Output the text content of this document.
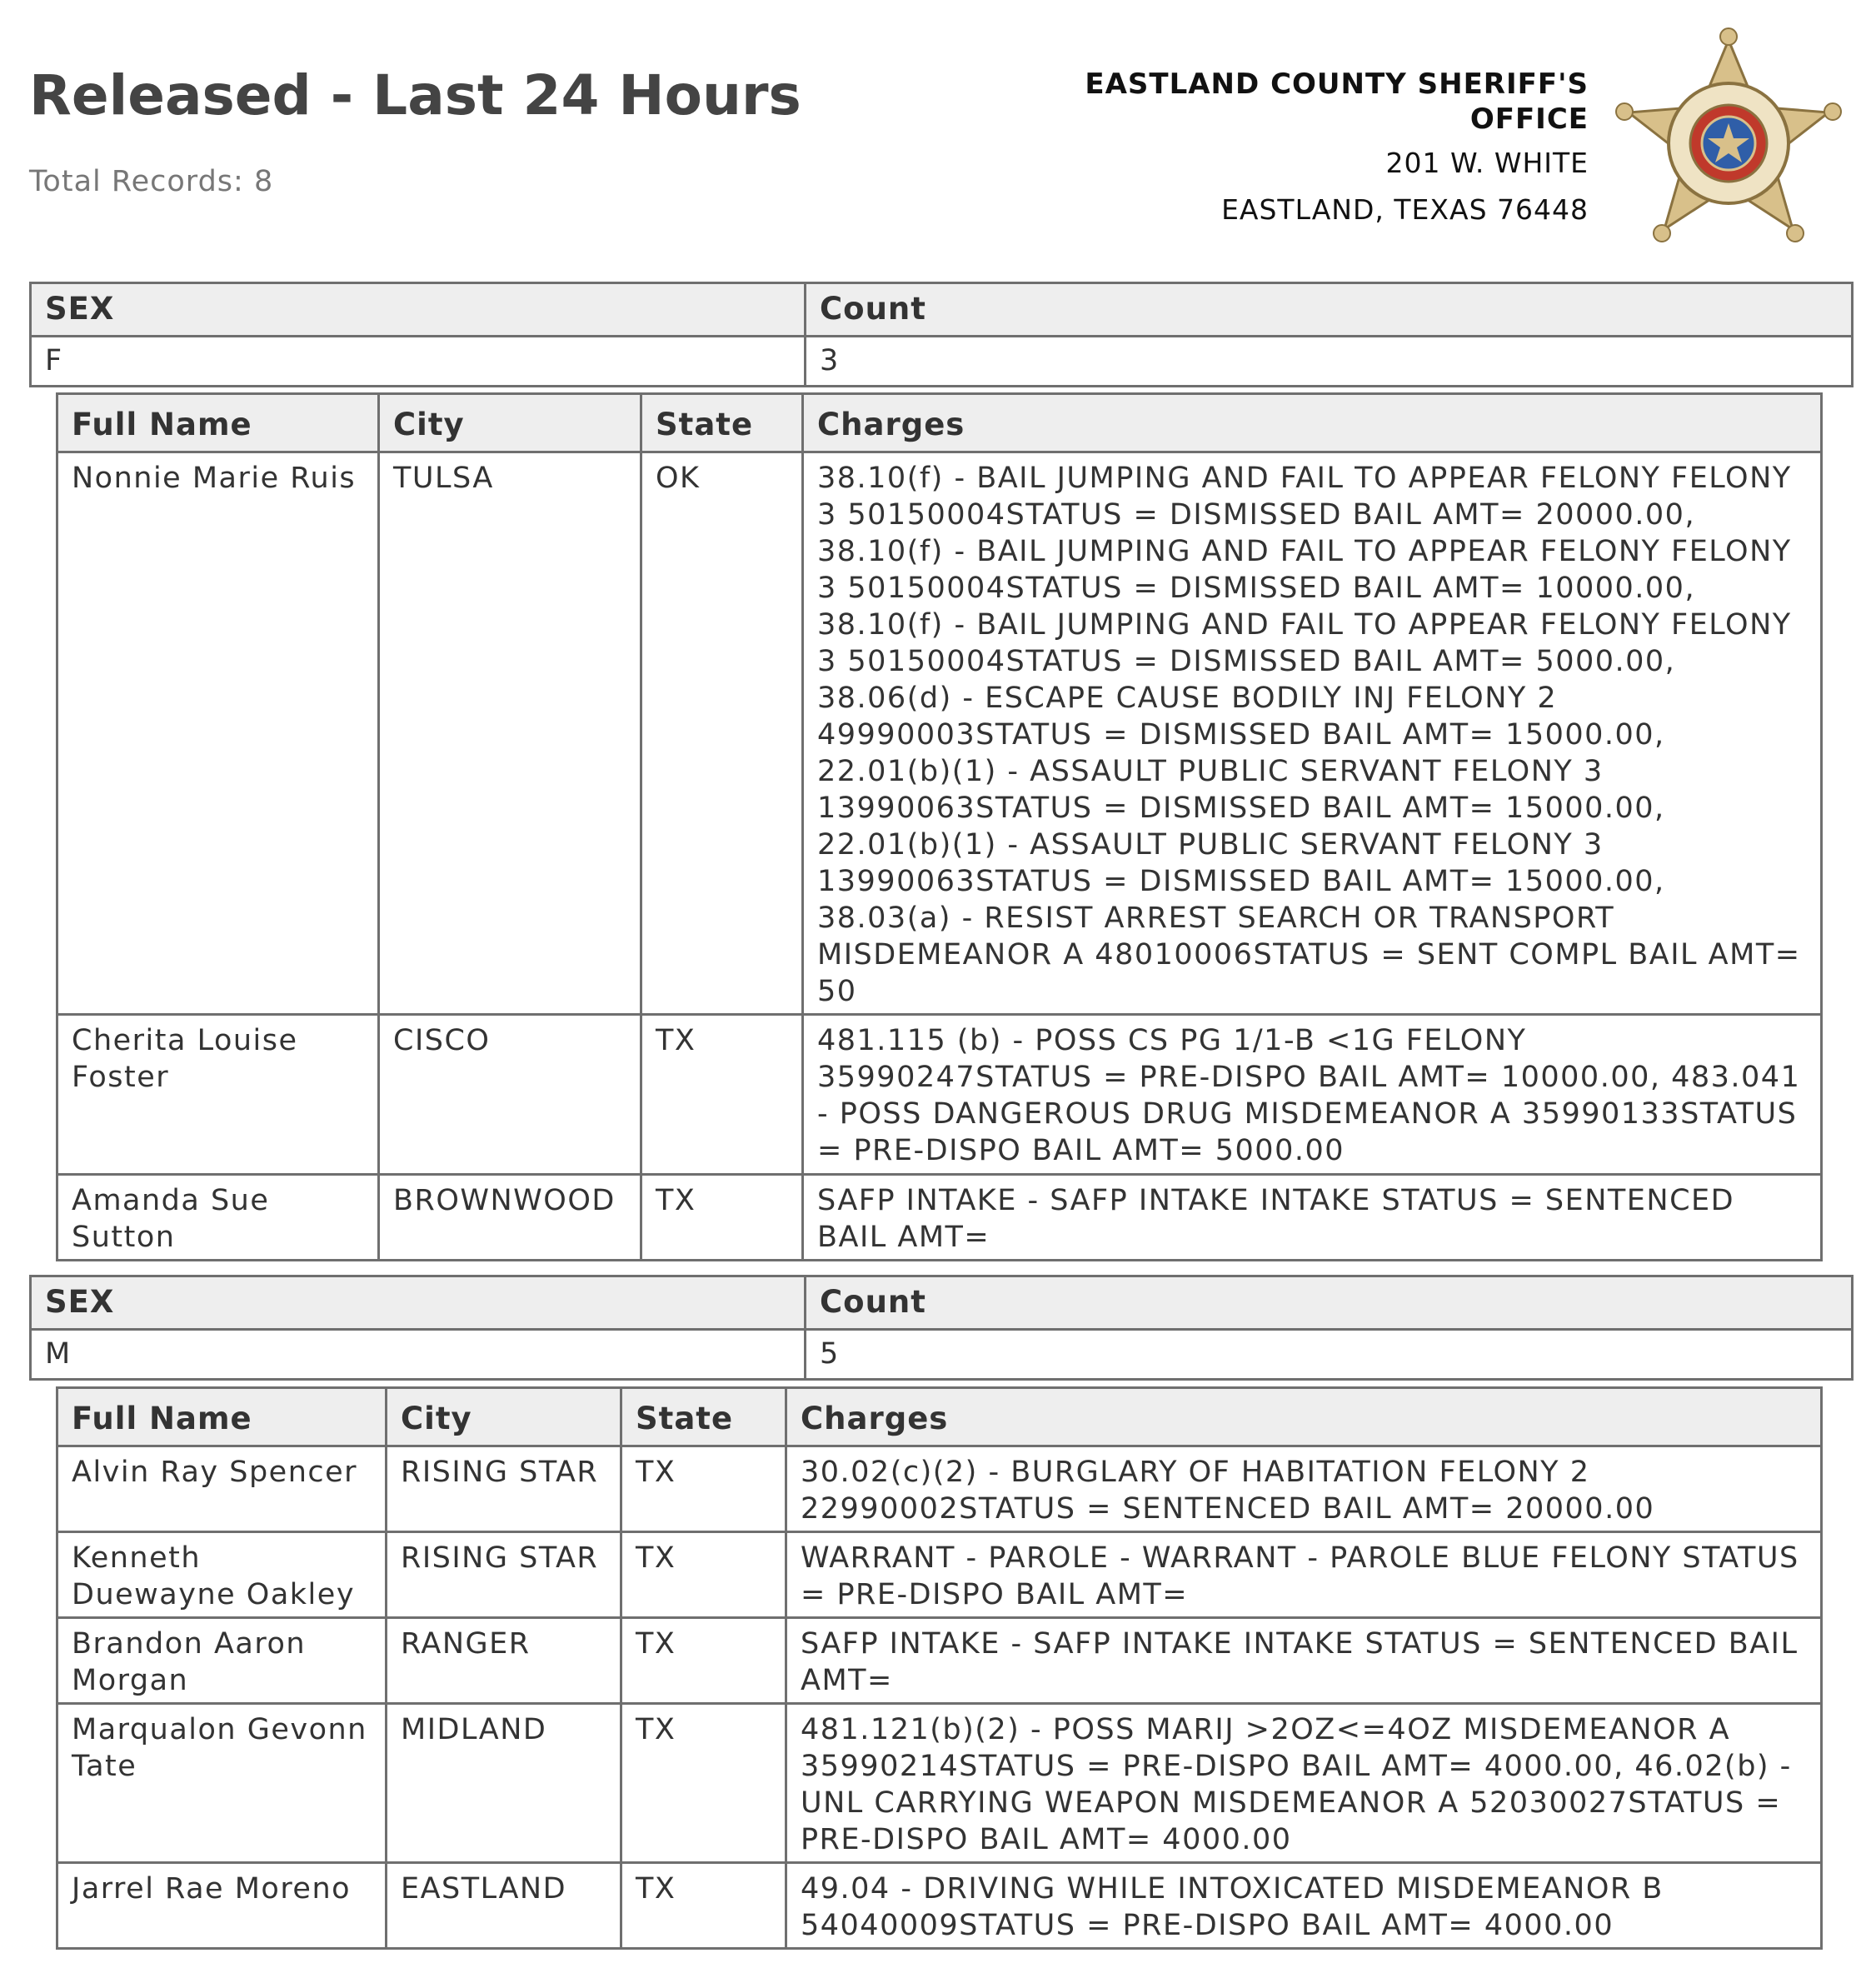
Released - Last 24 Hours
Total Records: 8
EASTLAND COUNTY SHERIFF'S OFFICE
201 W. WHITE
EASTLAND, TEXAS 76448
SEX	Count
F	3
Full Name	City	State	Charges
Nonnie Marie Ruis	TULSA	OK	38.10(f) - BAIL JUMPING AND FAIL TO APPEAR FELONY FELONY 3 50150004STATUS = DISMISSED BAIL AMT= 20000.00, 38.10(f) - BAIL JUMPING AND FAIL TO APPEAR FELONY FELONY 3 50150004STATUS = DISMISSED BAIL AMT= 10000.00, 38.10(f) - BAIL JUMPING AND FAIL TO APPEAR FELONY FELONY 3 50150004STATUS = DISMISSED BAIL AMT= 5000.00, 38.06(d) - ESCAPE CAUSE BODILY INJ FELONY 2 49990003STATUS = DISMISSED BAIL AMT= 15000.00, 22.01(b)(1) - ASSAULT PUBLIC SERVANT FELONY 3 13990063STATUS = DISMISSED BAIL AMT= 15000.00, 22.01(b)(1) - ASSAULT PUBLIC SERVANT FELONY 3 13990063STATUS = DISMISSED BAIL AMT= 15000.00, 38.03(a) - RESIST ARREST SEARCH OR TRANSPORT MISDEMEANOR A 48010006STATUS = SENT COMPL BAIL AMT= 50
Cherita Louise Foster	CISCO	TX	481.115 (b) - POSS CS PG 1/1-B <1G FELONY 35990247STATUS = PRE-DISPO BAIL AMT= 10000.00, 483.041 - POSS DANGEROUS DRUG MISDEMEANOR A 35990133STATUS = PRE-DISPO BAIL AMT= 5000.00
Amanda Sue Sutton	BROWNWOOD	TX	SAFP INTAKE - SAFP INTAKE INTAKE STATUS = SENTENCED BAIL AMT=
SEX	Count
M	5
Full Name	City	State	Charges
Alvin Ray Spencer	RISING STAR	TX	30.02(c)(2) - BURGLARY OF HABITATION FELONY 2 22990002STATUS = SENTENCED BAIL AMT= 20000.00
Kenneth Duewayne Oakley	RISING STAR	TX	WARRANT - PAROLE - WARRANT - PAROLE BLUE FELONY STATUS = PRE-DISPO BAIL AMT=
Brandon Aaron Morgan	RANGER	TX	SAFP INTAKE - SAFP INTAKE INTAKE STATUS = SENTENCED BAIL AMT=
Marqualon Gevonn Tate	MIDLAND	TX	481.121(b)(2) - POSS MARIJ >2OZ<=4OZ MISDEMEANOR A 35990214STATUS = PRE-DISPO BAIL AMT= 4000.00, 46.02(b) - UNL CARRYING WEAPON MISDEMEANOR A 52030027STATUS = PRE-DISPO BAIL AMT= 4000.00
Jarrel Rae Moreno	EASTLAND	TX	49.04 - DRIVING WHILE INTOXICATED MISDEMEANOR B 54040009STATUS = PRE-DISPO BAIL AMT= 4000.00
